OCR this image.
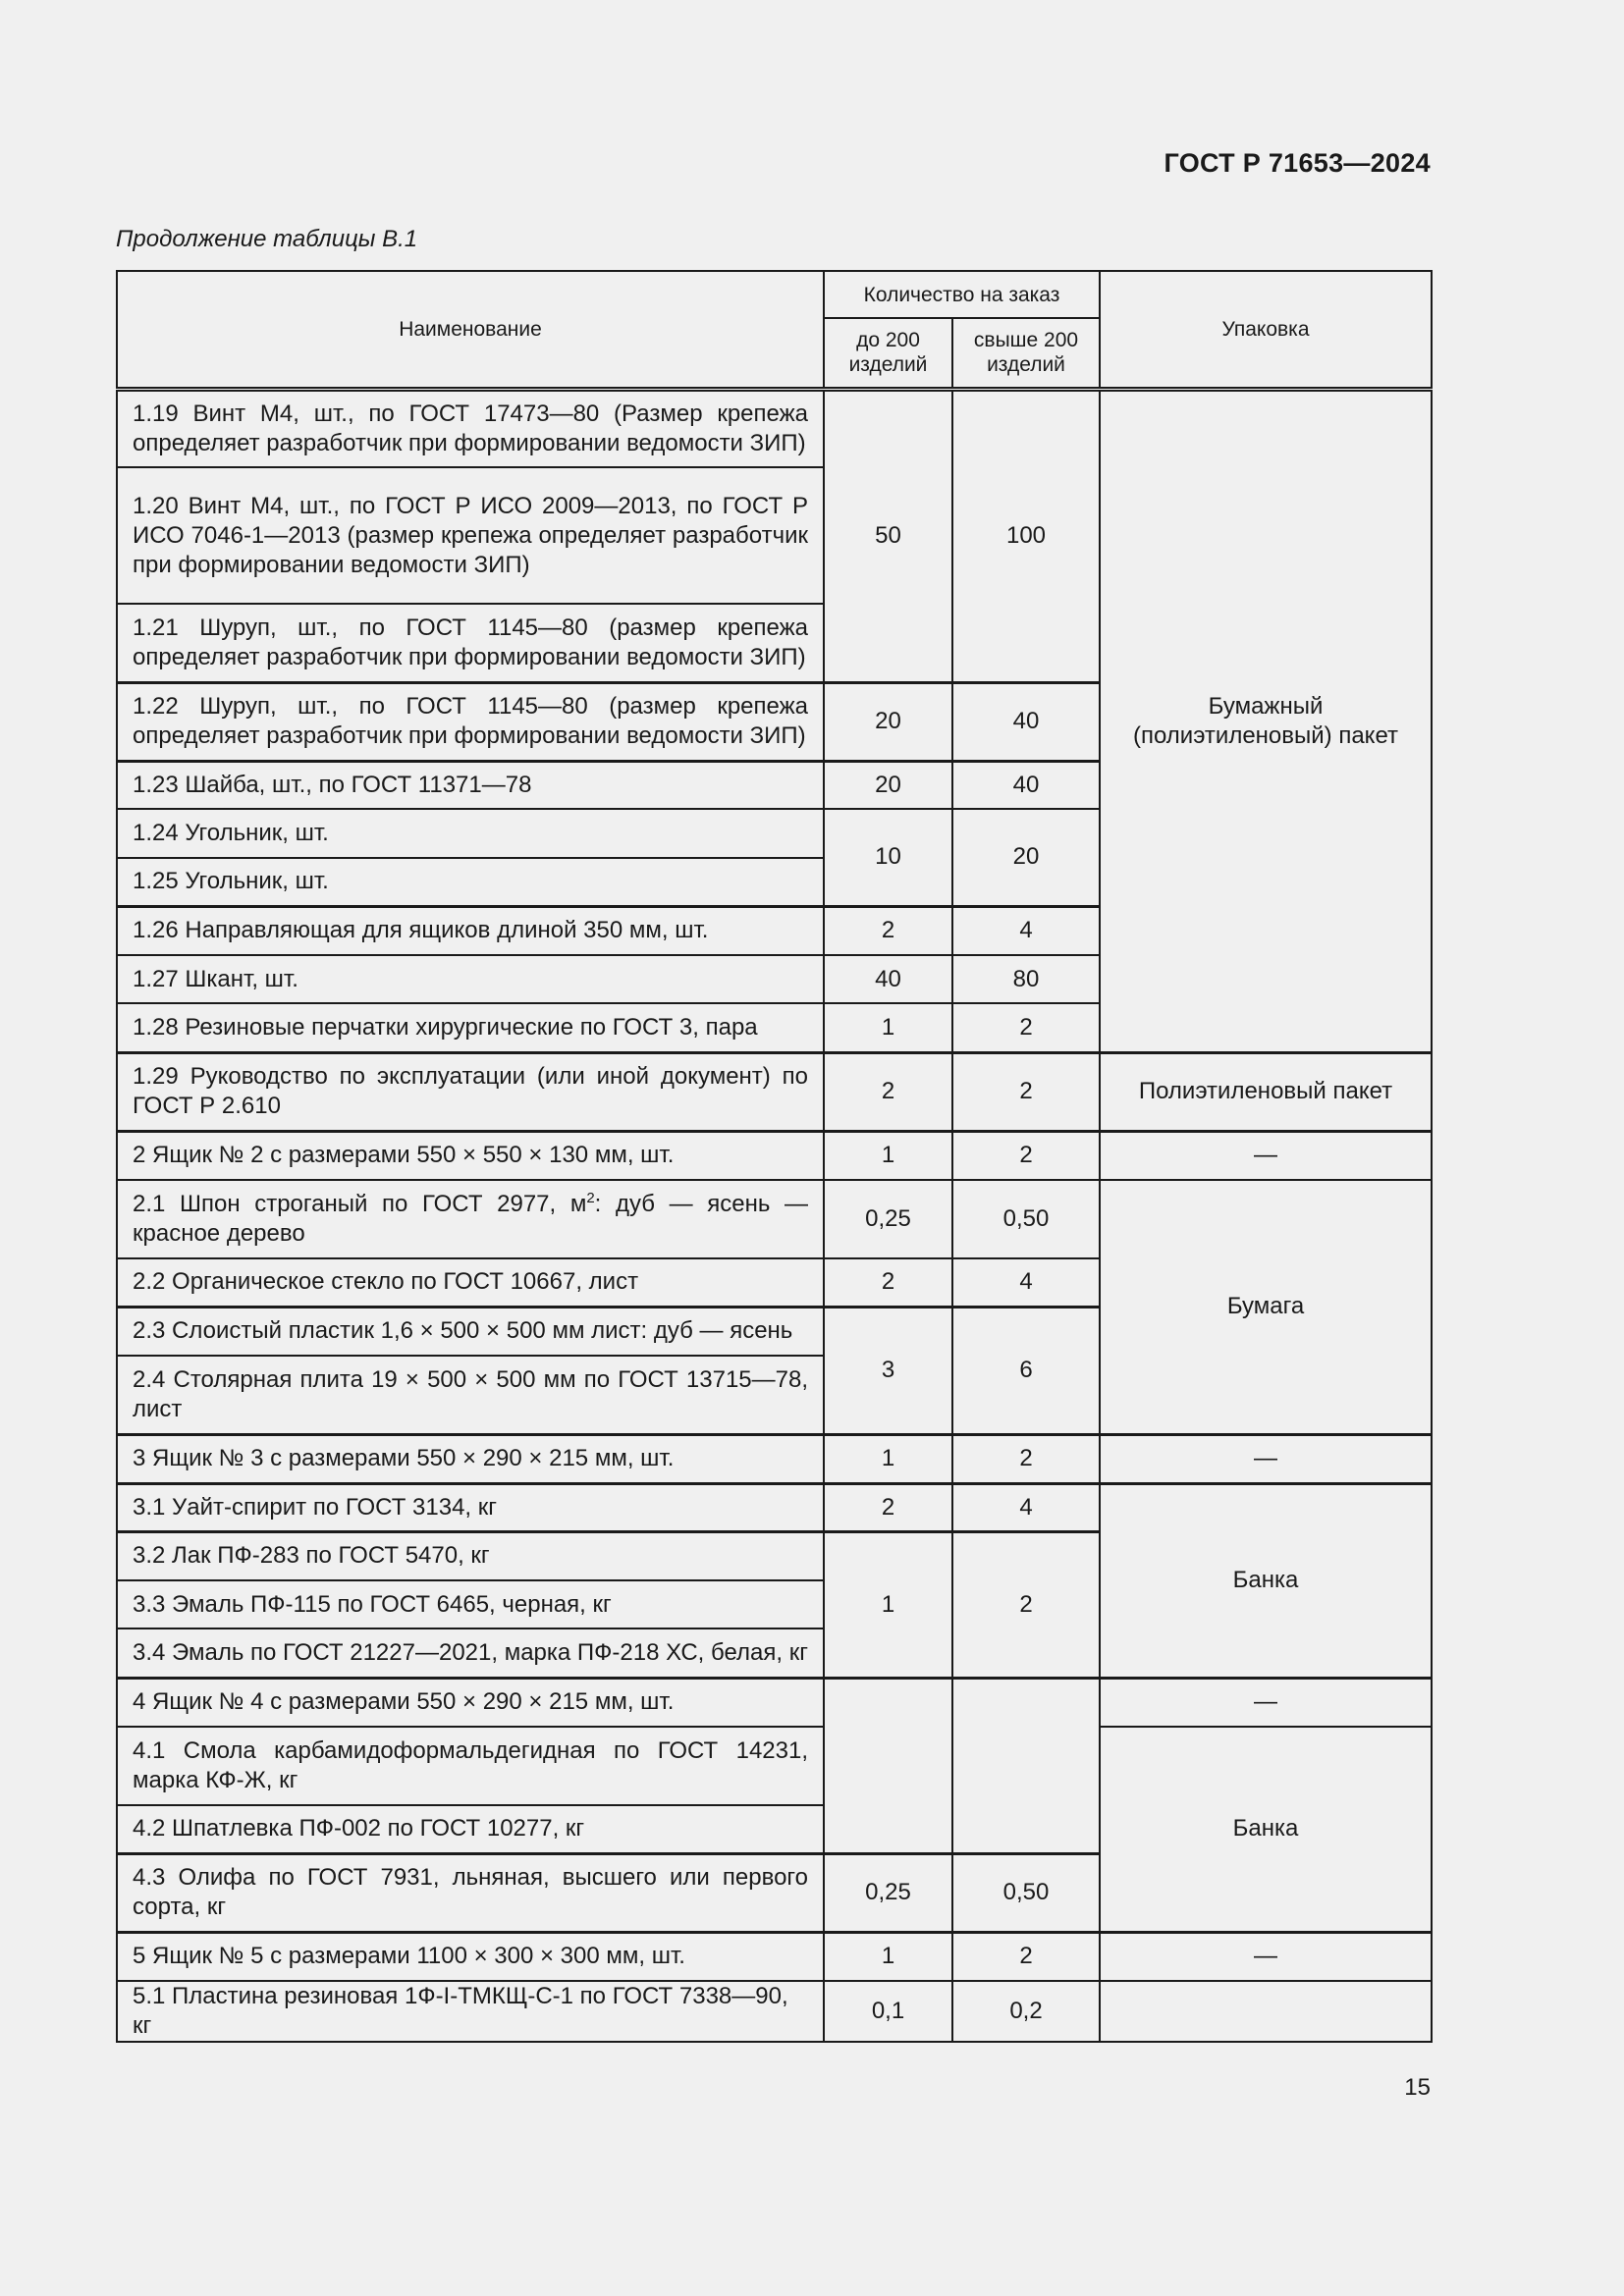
ГОСТ Р 71653—2024
Продолжение таблицы В.1
Наименование	Количество на заказ		Упаковка
	до 200 изделий	свыше 200 изделий	
1.19 Винт М4, шт., по ГОСТ 17473—80 (Размер крепежа определяет разработчик при формировании ведомости ЗИП)	50	100	Бумажный (полиэтиленовый) пакет
1.20 Винт М4, шт., по ГОСТ Р ИСО 2009—2013, по ГОСТ Р ИСО 7046-1—2013 (размер крепежа определяет разработчик при формировании ведомости ЗИП)			
1.21 Шуруп, шт., по ГОСТ 1145—80 (размер крепежа определяет разработчик при формировании ведомости ЗИП)			
1.22 Шуруп, шт., по ГОСТ 1145—80 (размер крепежа определяет разработчик при формировании ведомости ЗИП)	20	40	
1.23 Шайба, шт., по ГОСТ 11371—78	20	40	
1.24 Угольник, шт.	10	20	
1.25 Угольник, шт.			
1.26 Направляющая для ящиков длиной 350 мм, шт.	2	4	
1.27 Шкант, шт.	40	80	
1.28 Резиновые перчатки хирургические по ГОСТ 3, пара	1	2	
1.29 Руководство по эксплуатации (или иной документ) по ГОСТ Р 2.610	2	2	Полиэтиленовый пакет
2 Ящик № 2 с размерами 550 × 550 × 130 мм, шт.	1	2	—
2.1 Шпон строганый по ГОСТ 2977, $м^2$: дуб — ясень — красное дерево	0,25	0,50	Бумага
2.2 Органическое стекло по ГОСТ 10667, лист	2	4	
2.3 Слоистый пластик 1,6 × 500 × 500 мм лист: дуб — ясень	3	6	
2.4 Столярная плита 19 × 500 × 500 мм по ГОСТ 13715—78, лист			
3 Ящик № 3 с размерами 550 × 290 × 215 мм, шт.	1	2	—
3.1 Уайт-спирит по ГОСТ 3134, кг	2	4	Банка
3.2 Лак ПФ-283 по ГОСТ 5470, кг	1	2	
3.3 Эмаль ПФ-115 по ГОСТ 6465, черная, кг			
3.4 Эмаль по ГОСТ 21227—2021, марка ПФ-218 ХС, белая, кг			
4 Ящик № 4 с размерами 550 × 290 × 215 мм, шт.			—
4.1 Смола карбамидоформальдегидная по ГОСТ 14231, марка КФ-Ж, кг			Банка
4.2 Шпатлевка ПФ-002 по ГОСТ 10277, кг			
4.3 Олифа по ГОСТ 7931, льняная, высшего или первого сорта, кг	0,25	0,50	
5 Ящик № 5 с размерами 1100 × 300 × 300 мм, шт.	1	2	—
5.1 Пластина резиновая 1Ф-I-ТМКЩ-С-1 по ГОСТ 7338—90, кг	0,1	0,2	
15
